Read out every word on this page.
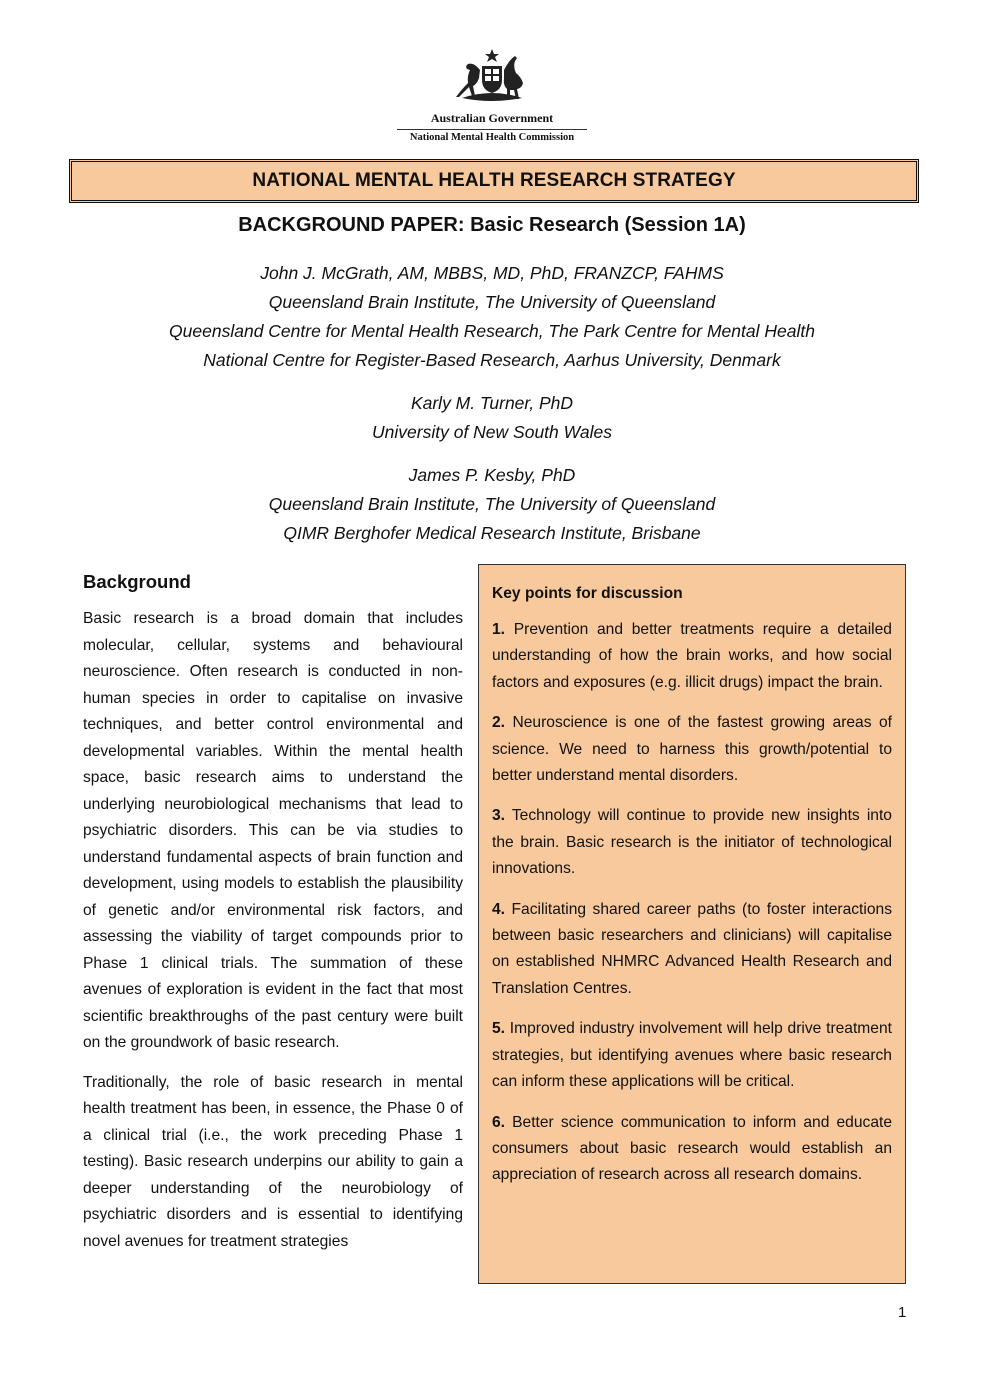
Australian Government
National Mental Health Commission
NATIONAL MENTAL HEALTH RESEARCH STRATEGY
BACKGROUND PAPER: Basic Research (Session 1A)
John J. McGrath, AM, MBBS, MD, PhD, FRANZCP, FAHMS
Queensland Brain Institute, The University of Queensland
Queensland Centre for Mental Health Research, The Park Centre for Mental Health
National Centre for Register-Based Research, Aarhus University, Denmark
Karly M. Turner, PhD
University of New South Wales
James P. Kesby, PhD
Queensland Brain Institute, The University of Queensland
QIMR Berghofer Medical Research Institute, Brisbane
Background

Basic research is a broad domain that includes molecular, cellular, systems and behavioural neuroscience. Often research is conducted in non-human species in order to capitalise on invasive techniques, and better control environmental and developmental variables. Within the mental health space, basic research aims to understand the underlying neurobiological mechanisms that lead to psychiatric disorders. This can be via studies to understand fundamental aspects of brain function and development, using models to establish the plausibility of genetic and/or environmental risk factors, and assessing the viability of target compounds prior to Phase 1 clinical trials. The summation of these avenues of exploration is evident in the fact that most scientific breakthroughs of the past century were built on the groundwork of basic research.

Traditionally, the role of basic research in mental health treatment has been, in essence, the Phase 0 of a clinical trial (i.e., the work preceding Phase 1 testing). Basic research underpins our ability to gain a deeper understanding of the neurobiology of psychiatric disorders and is essential to identifying novel avenues for treatment strategies

Key points for discussion

1. Prevention and better treatments require a detailed understanding of how the brain works, and how social factors and exposures (e.g. illicit drugs) impact the brain.

2. Neuroscience is one of the fastest growing areas of science. We need to harness this growth/potential to better understand mental disorders.

3. Technology will continue to provide new insights into the brain. Basic research is the initiator of technological innovations.

4. Facilitating shared career paths (to foster interactions between basic researchers and clinicians) will capitalise on established NHMRC Advanced Health Research and Translation Centres.

5. Improved industry involvement will help drive treatment strategies, but identifying avenues where basic research can inform these applications will be critical.

6. Better science communication to inform and educate consumers about basic research would establish an appreciation of research across all research domains.

1
